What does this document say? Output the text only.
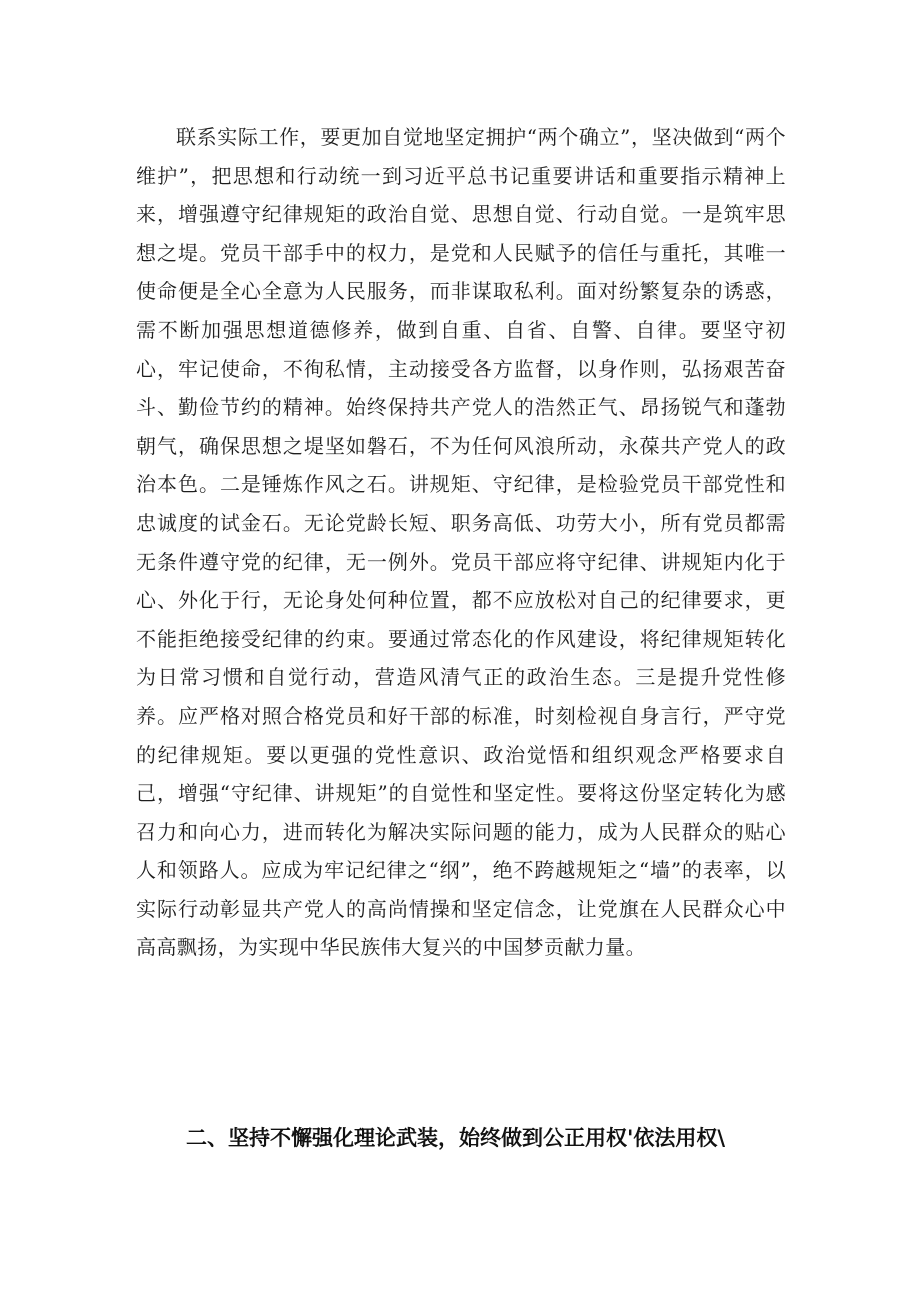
联系实际工作，要更加自觉地坚定拥护“两个确立”，坚决做到“两个维护”，把思想和行动统一到习近平总书记重要讲话和重要指示精神上来，增强遵守纪律规矩的政治自觉、思想自觉、行动自觉。一是筑牢思想之堤。党员干部手中的权力，是党和人民赋予的信任与重托，其唯一使命便是全心全意为人民服务，而非谋取私利。面对纷繁复杂的诱惑，需不断加强思想道德修养，做到自重、自省、自警、自律。要坚守初心，牢记使命，不徇私情，主动接受各方监督，以身作则，弘扬艰苦奋斗、勤俭节约的精神。始终保持共产党人的浩然正气、昂扬锐气和蓬勃朝气，确保思想之堤坚如磐石，不为任何风浪所动，永葆共产党人的政治本色。二是锤炼作风之石。讲规矩、守纪律，是检验党员干部党性和忠诚度的试金石。无论党龄长短、职务高低、功劳大小，所有党员都需无条件遵守党的纪律，无一例外。党员干部应将守纪律、讲规矩内化于心、外化于行，无论身处何种位置，都不应放松对自己的纪律要求，更不能拒绝接受纪律的约束。要通过常态化的作风建设，将纪律规矩转化为日常习惯和自觉行动，营造风清气正的政治生态。三是提升党性修养。应严格对照合格党员和好干部的标准，时刻检视自身言行，严守党的纪律规矩。要以更强的党性意识、政治觉悟和组织观念严格要求自己，增强“守纪律、讲规矩”的自觉性和坚定性。要将这份坚定转化为感召力和向心力，进而转化为解决实际问题的能力，成为人民群众的贴心人和领路人。应成为牢记纪律之“纲”，绝不跨越规矩之“墙”的表率，以实际行动彰显共产党人的高尚情操和坚定信念，让党旗在人民群众心中高高飘扬，为实现中华民族伟大复兴的中国梦贡献力量。

二、坚持不懈强化理论武装，始终做到公正用权'依法用权\
